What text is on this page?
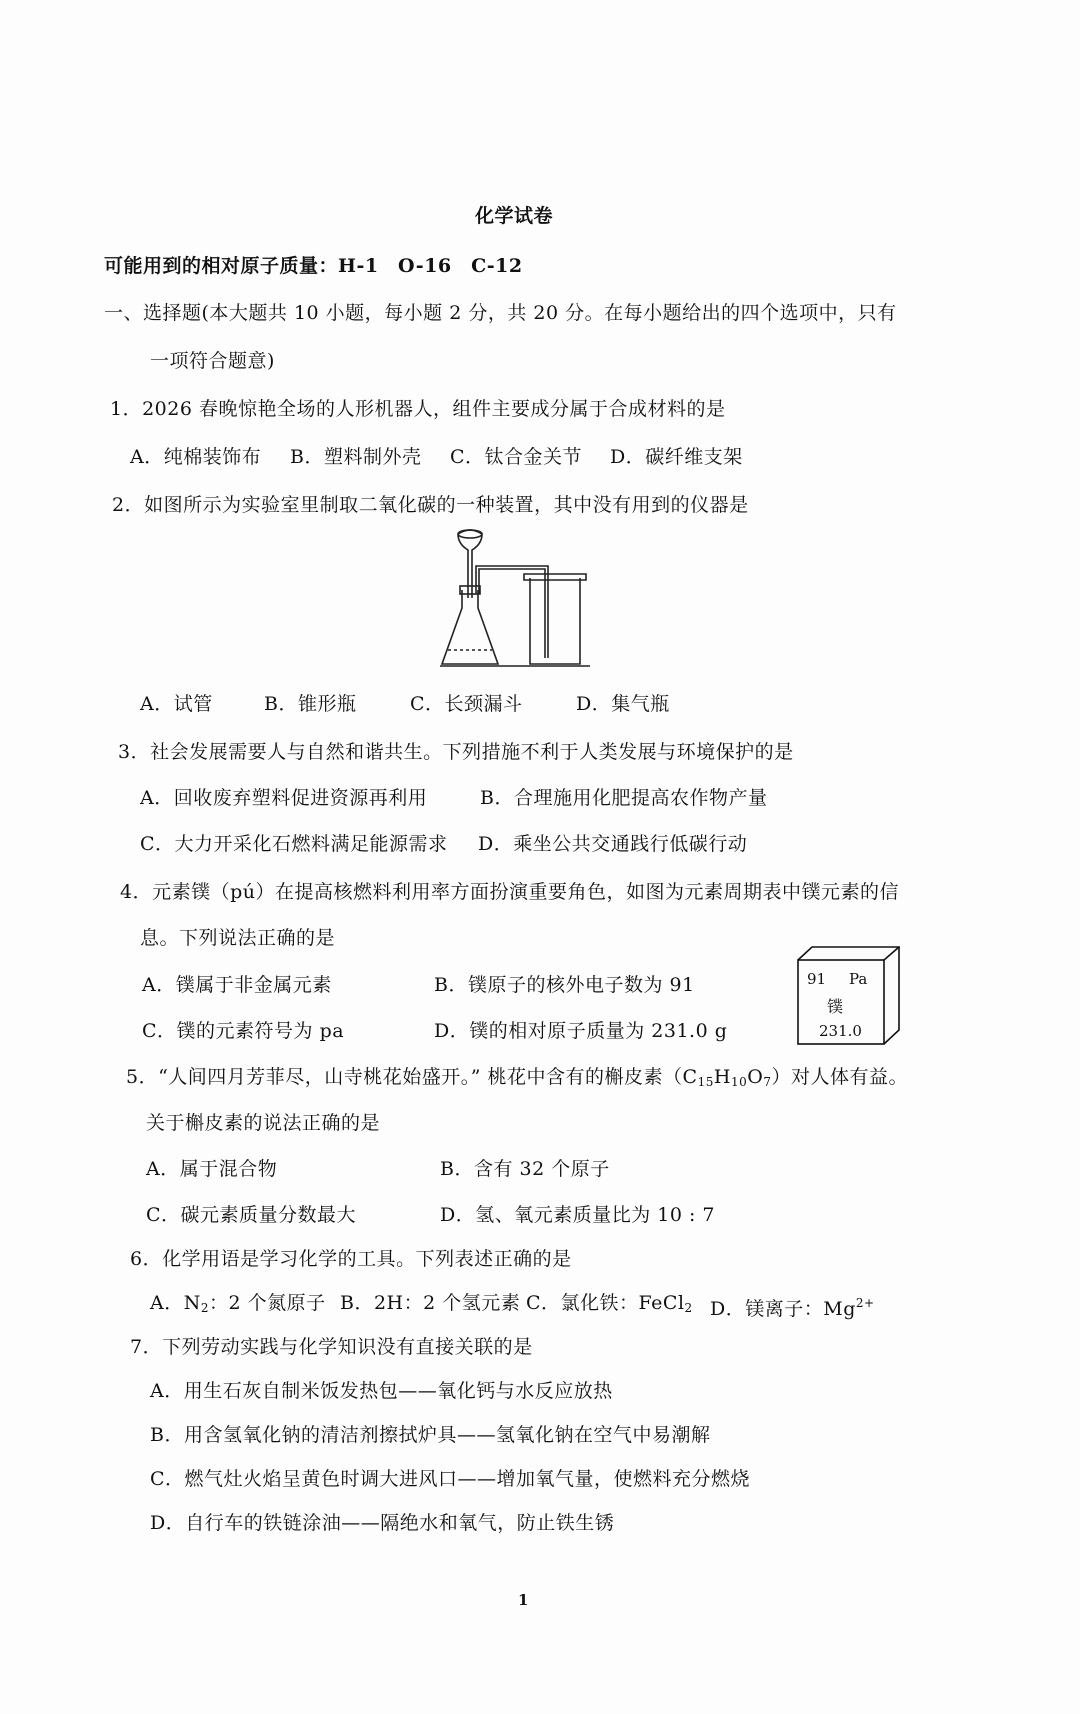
化学试卷
可能用到的相对原子质量：H-1　O-16　C-12
一、选择题(本大题共 10 小题，每小题 2 分，共 20 分。在每小题给出的四个选项中，只有
一项符合题意)
1．2026 春晚惊艳全场的人形机器人，组件主要成分属于合成材料的是
A．纯棉装饰布 B．塑料制外壳 C．钛合金关节 D．碳纤维支架
2．如图所示为实验室里制取二氧化碳的一种装置，其中没有用到的仪器是
A．试管	B．锥形瓶	C．长颈漏斗	D．集气瓶
3．社会发展需要人与自然和谐共生。下列措施不利于人类发展与环境保护的是
A．回收废弃塑料促进资源再利用	B．合理施用化肥提高农作物产量
C．大力开采化石燃料满足能源需求 D．乘坐公共交通践行低碳行动
4．元素镤（pú）在提高核燃料利用率方面扮演重要角色，如图为元素周期表中镤元素的信
息。下列说法正确的是
A．镤属于非金属元素	B．镤原子的核外电子数为 91
C．镤的元素符号为 pa	D．镤的相对原子质量为 231.0 g
91 Pa
镤
231.0
5．“人间四月芳菲尽，山寺桃花始盛开。” 桃花中含有的槲皮素$(C_{15}H_{10}O_7)$对人体有益。
关于槲皮素的说法正确的是
A．属于混合物	B．含有 32 个原子
C．碳元素质量分数最大	D．氢、氧元素质量比为 10 : 7
6．化学用语是学习化学的工具。下列表述正确的是
A．$N_2$：2 个氮原子 B．2H：2 个氢元素 C．氯化铁：FeCl$_2$ D．镁离子：$Mg^{2+}$
7．下列劳动实践与化学知识没有直接关联的是
A．用生石灰自制米饭发热包——氧化钙与水反应放热
B．用含氢氧化钠的清洁剂擦拭炉具——氢氧化钠在空气中易潮解
C．燃气灶火焰呈黄色时调大进风口——增加氧气量，使燃料充分燃烧
D．自行车的铁链涂油——隔绝水和氧气，防止铁生锈
1
